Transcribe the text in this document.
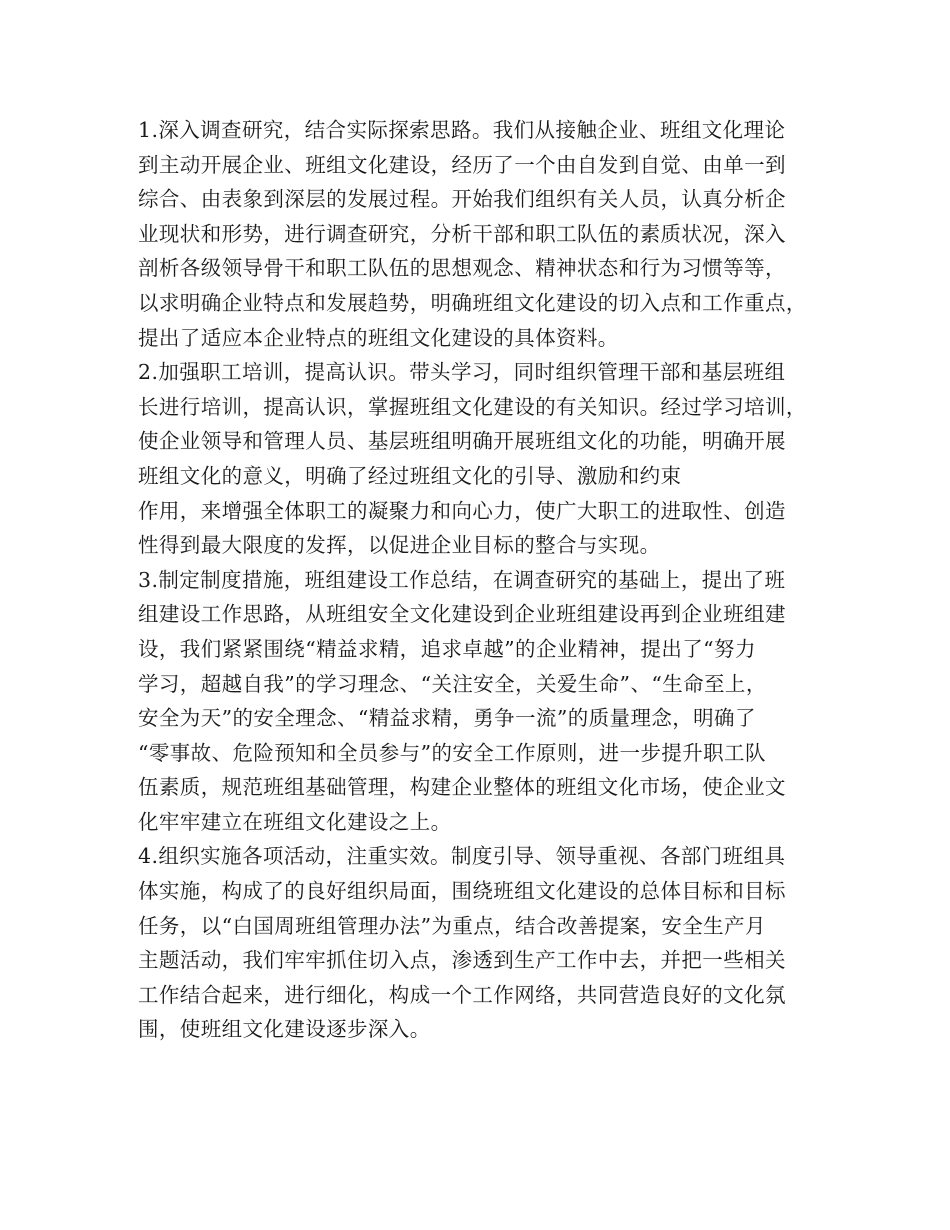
1.深入调查研究，结合实际探索思路。我们从接触企业、班组文化理论
到主动开展企业、班组文化建设，经历了一个由自发到自觉、由单一到
综合、由表象到深层的发展过程。开始我们组织有关人员，认真分析企
业现状和形势，进行调查研究，分析干部和职工队伍的素质状况，深入
剖析各级领导骨干和职工队伍的思想观念、精神状态和行为习惯等等，
以求明确企业特点和发展趋势，明确班组文化建设的切入点和工作重点，
提出了适应本企业特点的班组文化建设的具体资料。
2.加强职工培训，提高认识。带头学习，同时组织管理干部和基层班组
长进行培训，提高认识，掌握班组文化建设的有关知识。经过学习培训，
使企业领导和管理人员、基层班组明确开展班组文化的功能，明确开展
班组文化的意义，明确了经过班组文化的引导、激励和约束
作用，来增强全体职工的凝聚力和向心力，使广大职工的进取性、创造
性得到最大限度的发挥，以促进企业目标的整合与实现。
3.制定制度措施，班组建设工作总结，在调查研究的基础上，提出了班
组建设工作思路，从班组安全文化建设到企业班组建设再到企业班组建
设，我们紧紧围绕“精益求精，追求卓越”的企业精神，提出了“努力
学习，超越自我”的学习理念、“关注安全，关爱生命”、“生命至上，
安全为天”的安全理念、“精益求精，勇争一流”的质量理念，明确了
“零事故、危险预知和全员参与”的安全工作原则，进一步提升职工队
伍素质，规范班组基础管理，构建企业整体的班组文化市场，使企业文
化牢牢建立在班组文化建设之上。
4.组织实施各项活动，注重实效。制度引导、领导重视、各部门班组具
体实施，构成了的良好组织局面，围绕班组文化建设的总体目标和目标
任务，以“白国周班组管理办法”为重点，结合改善提案，安全生产月
主题活动，我们牢牢抓住切入点，渗透到生产工作中去，并把一些相关
工作结合起来，进行细化，构成一个工作网络，共同营造良好的文化氛
围，使班组文化建设逐步深入。
